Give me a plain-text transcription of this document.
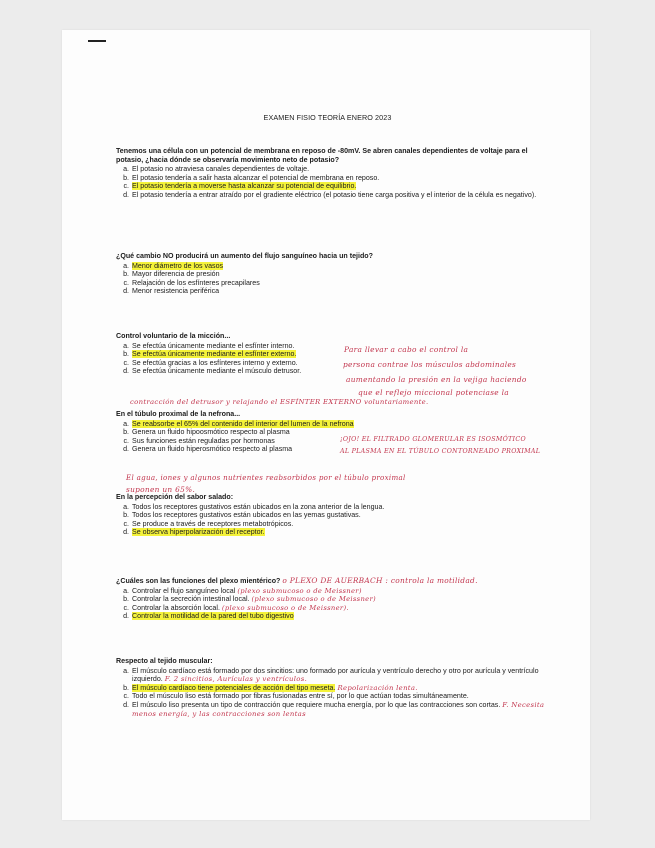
EXAMEN FISIO TEORÍA ENERO 2023
Tenemos una célula con un potencial de membrana en reposo de -80mV. Se abren canales dependientes de voltaje para el potasio, ¿hacia dónde se observaría movimiento neto de potasio?
a. El potasio no atraviesa canales dependientes de voltaje.
b. El potasio tendería a salir hasta alcanzar el potencial de membrana en reposo.
c. El potasio tendería a moverse hasta alcanzar su potencial de equilibrio.
d. El potasio tendería a entrar atraído por el gradiente eléctrico (el potasio tiene carga positiva y el interior de la célula es negativo).
¿Qué cambio NO producirá un aumento del flujo sanguíneo hacia un tejido?
a. Menor diámetro de los vasos
b. Mayor diferencia de presión
c. Relajación de los esfínteres precapilares
d. Menor resistencia periférica
Control voluntario de la micción...
a. Se efectúa únicamente mediante el esfínter interno.
b. Se efectúa únicamente mediante el esfínter externo.
c. Se efectúa gracias a los esfínteres interno y externo.
d. Se efectúa únicamente mediante el músculo detrusor.
Para llevar a cabo el control la
persona contrae los músculos abdominales
aumentando la presión en la vejiga haciendo
que el reflejo miccional potenciase la
contracción del detrusor y relajando el ESFÍNTER EXTERNO voluntariamente.
En el túbulo proximal de la nefrona...
a. Se reabsorbe el 65% del contenido del interior del lumen de la nefrona
b. Genera un fluido hipoosmótico respecto al plasma
c. Sus funciones están reguladas por hormonas
d. Genera un fluido hiperosmótico respecto al plasma
¡OJO! EL FILTRADO GLOMERULAR ES ISOSMÓTICO
AL PLASMA EN EL TÚBULO CONTORNEADO PROXIMAL
El agua, iones y algunos nutrientes reabsorbidos por el túbulo proximal
suponen un 65%.
En la percepción del sabor salado:
a. Todos los receptores gustativos están ubicados en la zona anterior de la lengua.
b. Todos los receptores gustativos están ubicados en las yemas gustativas.
c. Se produce a través de receptores metabotrópicos.
d. Se observa hiperpolarización del receptor.
¿Cuáles son las funciones del plexo mientérico? o PLEXO DE AUERBACH : controla la motilidad.
a. Controlar el flujo sanguíneo local (plexo submucoso o de Meissner)
b. Controlar la secreción intestinal local. (plexo submucoso o de Meissner)
c. Controlar la absorción local. (plexo submucoso o de Meissner).
d. Controlar la motilidad de la pared del tubo digestivo
Respecto al tejido muscular:
a. El músculo cardíaco está formado por dos sincitios: uno formado por aurícula y ventrículo derecho y otro por aurícula y ventrículo izquierdo. F. 2 sincitios, Aurículas y ventrículos.
b. El músculo cardíaco tiene potenciales de acción del tipo meseta. Repolarización lenta.
c. Todo el músculo liso está formado por fibras fusionadas entre sí, por lo que actúan todas simultáneamente.
d. El músculo liso presenta un tipo de contracción que requiere mucha energía, por lo que las contracciones son cortas. F. Necesita menos energía, y las contracciones son lentas
